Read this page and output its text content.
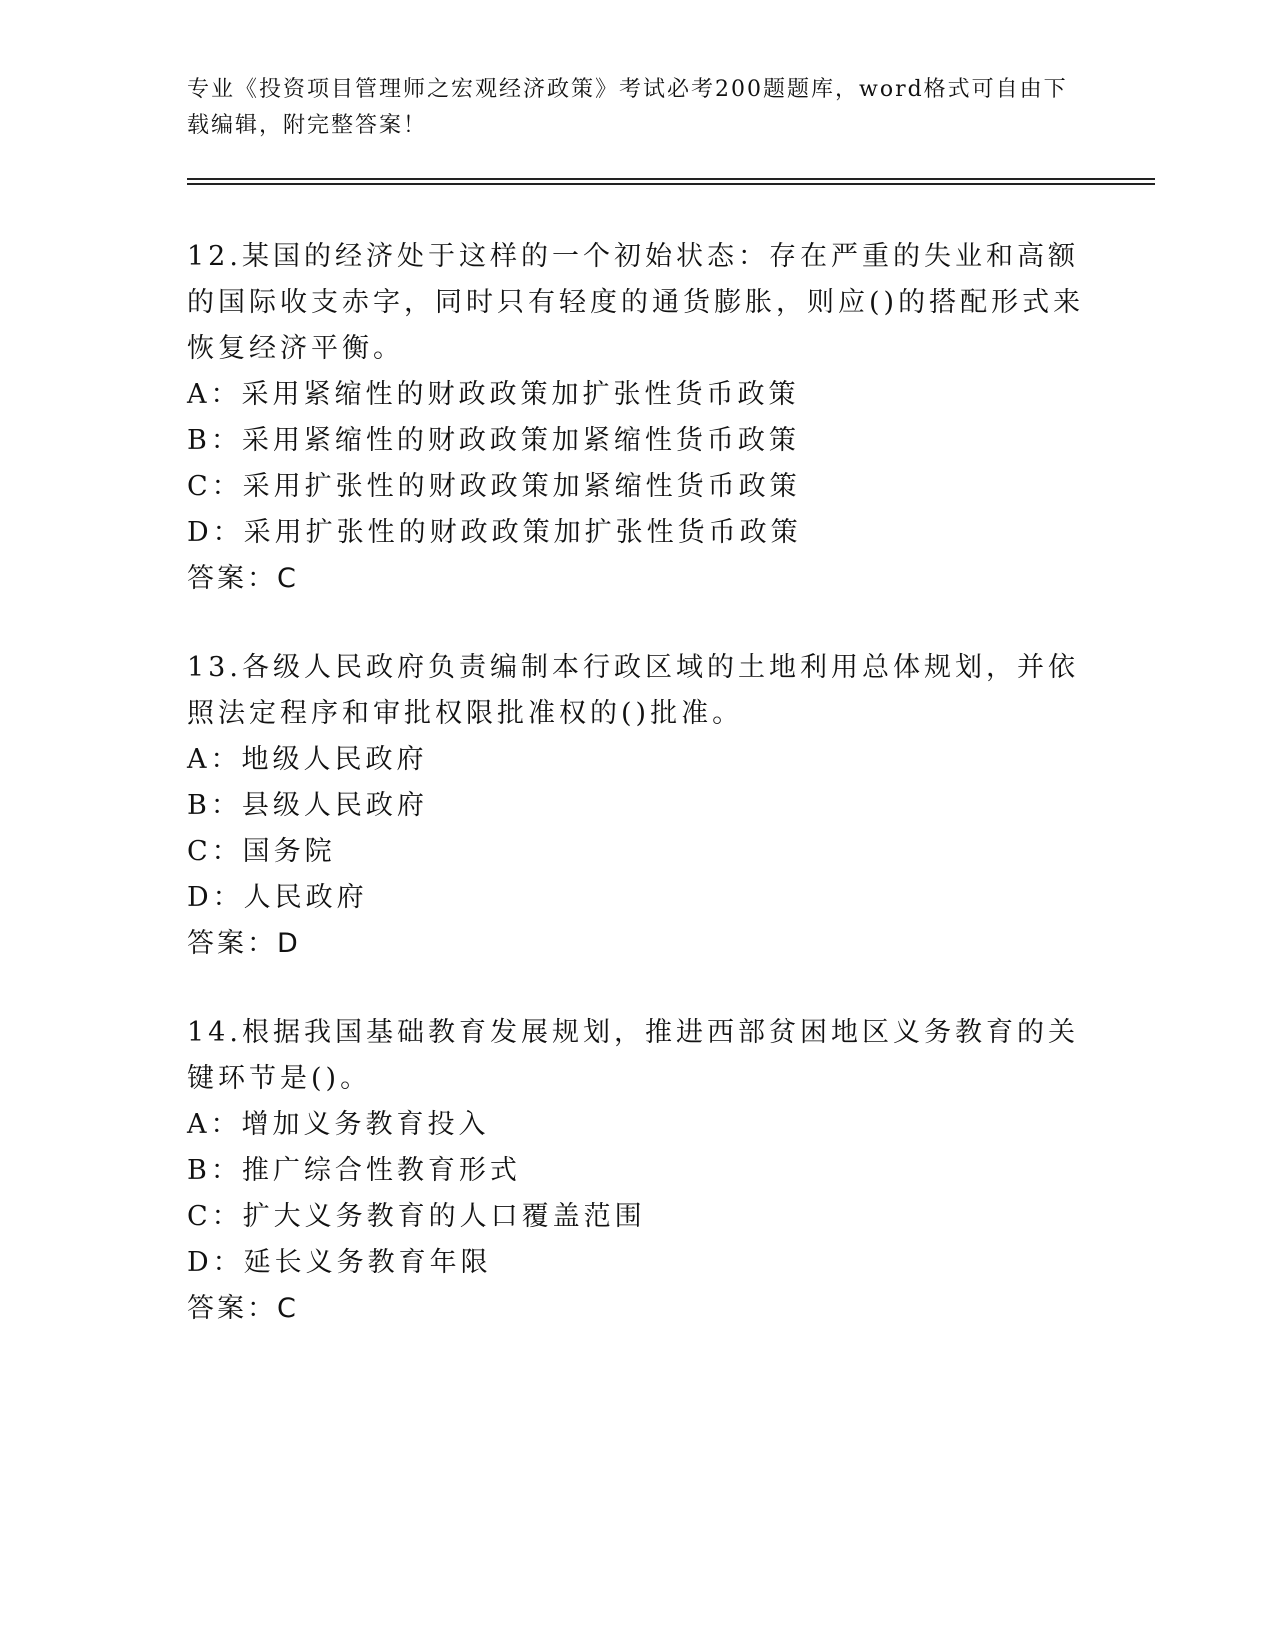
专业《投资项目管理师之宏观经济政策》考试必考200题题库，word格式可自由下载编辑，附完整答案！

12.某国的经济处于这样的一个初始状态：存在严重的失业和高额的国际收支赤字，同时只有轻度的通货膨胀，则应()的搭配形式来恢复经济平衡。

A：采用紧缩性的财政政策加扩张性货币政策

B：采用紧缩性的财政政策加紧缩性货币政策

C：采用扩张性的财政政策加紧缩性货币政策

D：采用扩张性的财政政策加扩张性货币政策

答案：C

13.各级人民政府负责编制本行政区域的土地利用总体规划，并依照法定程序和审批权限批准权的()批准。

A：地级人民政府

B：县级人民政府

C：国务院

D：人民政府

答案：D

14.根据我国基础教育发展规划，推进西部贫困地区义务教育的关键环节是()。

A：增加义务教育投入

B：推广综合性教育形式

C：扩大义务教育的人口覆盖范围

D：延长义务教育年限

答案：C
